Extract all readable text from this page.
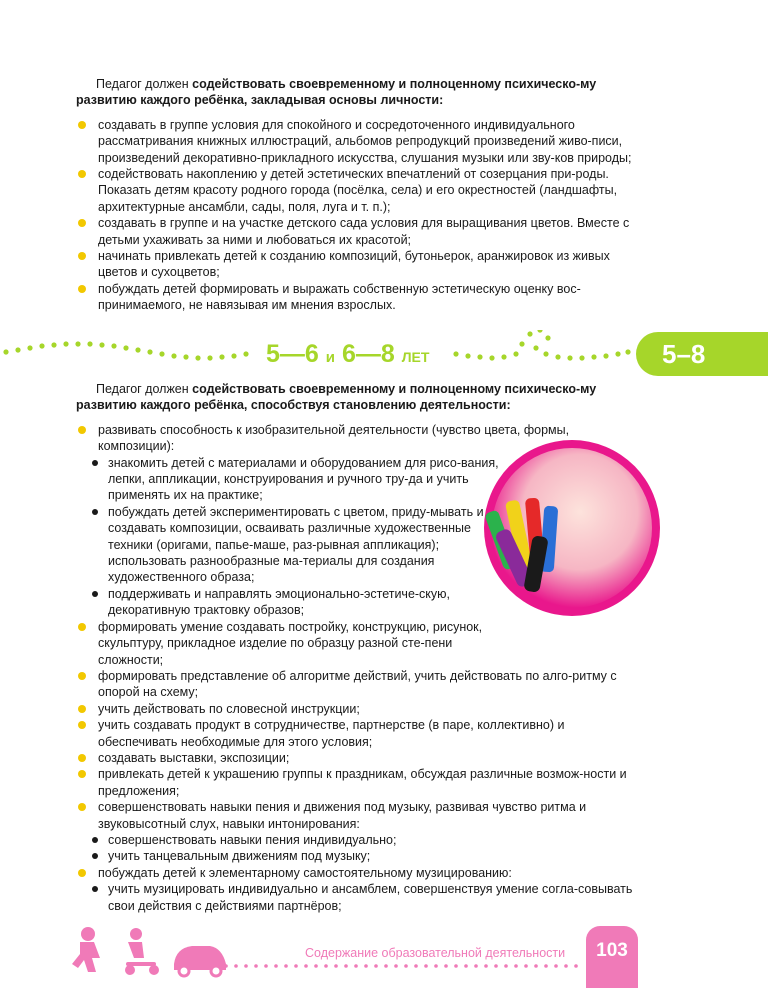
Педагог должен содействовать своевременному и полноценному психическо-му развитию каждого ребёнка, закладывая основы личности:
создавать в группе условия для спокойного и сосредоточенного индивидуального рассматривания книжных иллюстраций, альбомов репродукций произведений живо-писи, произведений декоративно-прикладного искусства, слушания музыки или зву-ков природы;
содействовать накоплению у детей эстетических впечатлений от созерцания при-роды. Показать детям красоту родного города (посёлка, села) и его окрестностей (ландшафты, архитектурные ансамбли, сады, поля, луга и т. п.);
создавать в группе и на участке детского сада условия для выращивания цветов. Вместе с детьми ухаживать за ними и любоваться их красотой;
начинать привлекать детей к созданию композиций, бутоньерок, аранжировок из живых цветов и сухоцветов;
побуждать детей формировать и выражать собственную эстетическую оценку вос-принимаемого, не навязывая им мнения взрослых.
5—6 и 6—8 ЛЕТ	5–8
Педагог должен содействовать своевременному и полноценному психическо-му развитию каждого ребёнка, способствуя становлению деятельности:
развивать способность к изобразительной деятельности (чувство цвета, формы, композиции):
знакомить детей с материалами и оборудованием для рисо-вания, лепки, аппликации, конструирования и ручного тру-да и учить применять их на практике;
побуждать детей экспериментировать с цветом, приду-мывать и создавать композиции, осваивать различные художественные техники (оригами, папье-маше, раз-рывная аппликация); использовать разнообразные ма-териалы для создания художественного образа;
поддерживать и направлять эмоционально-эстетиче-скую, декоративную трактовку образов;
формировать умение создавать постройку, конструкцию, рисунок, скульптуру, прикладное изделие по образцу разной сте-пени сложности;
формировать представление об алгоритме действий, учить действовать по алго-ритму с опорой на схему;
учить действовать по словесной инструкции;
учить создавать продукт в сотрудничестве, партнерстве (в паре, коллективно) и обеспечивать необходимые для этого условия;
создавать выставки, экспозиции;
привлекать детей к украшению группы к праздникам, обсуждая различные возмож-ности и предложения;
совершенствовать навыки пения и движения под музыку, развивая чувство ритма и звуковысотный слух, навыки интонирования:
совершенствовать навыки пения индивидуально;
учить танцевальным движениям под музыку;
побуждать детей к элементарному самостоятельному музицированию:
учить музицировать индивидуально и ансамблем, совершенствуя умение согла-совывать свои действия с действиями партнёров;
Содержание образовательной деятельности	103
